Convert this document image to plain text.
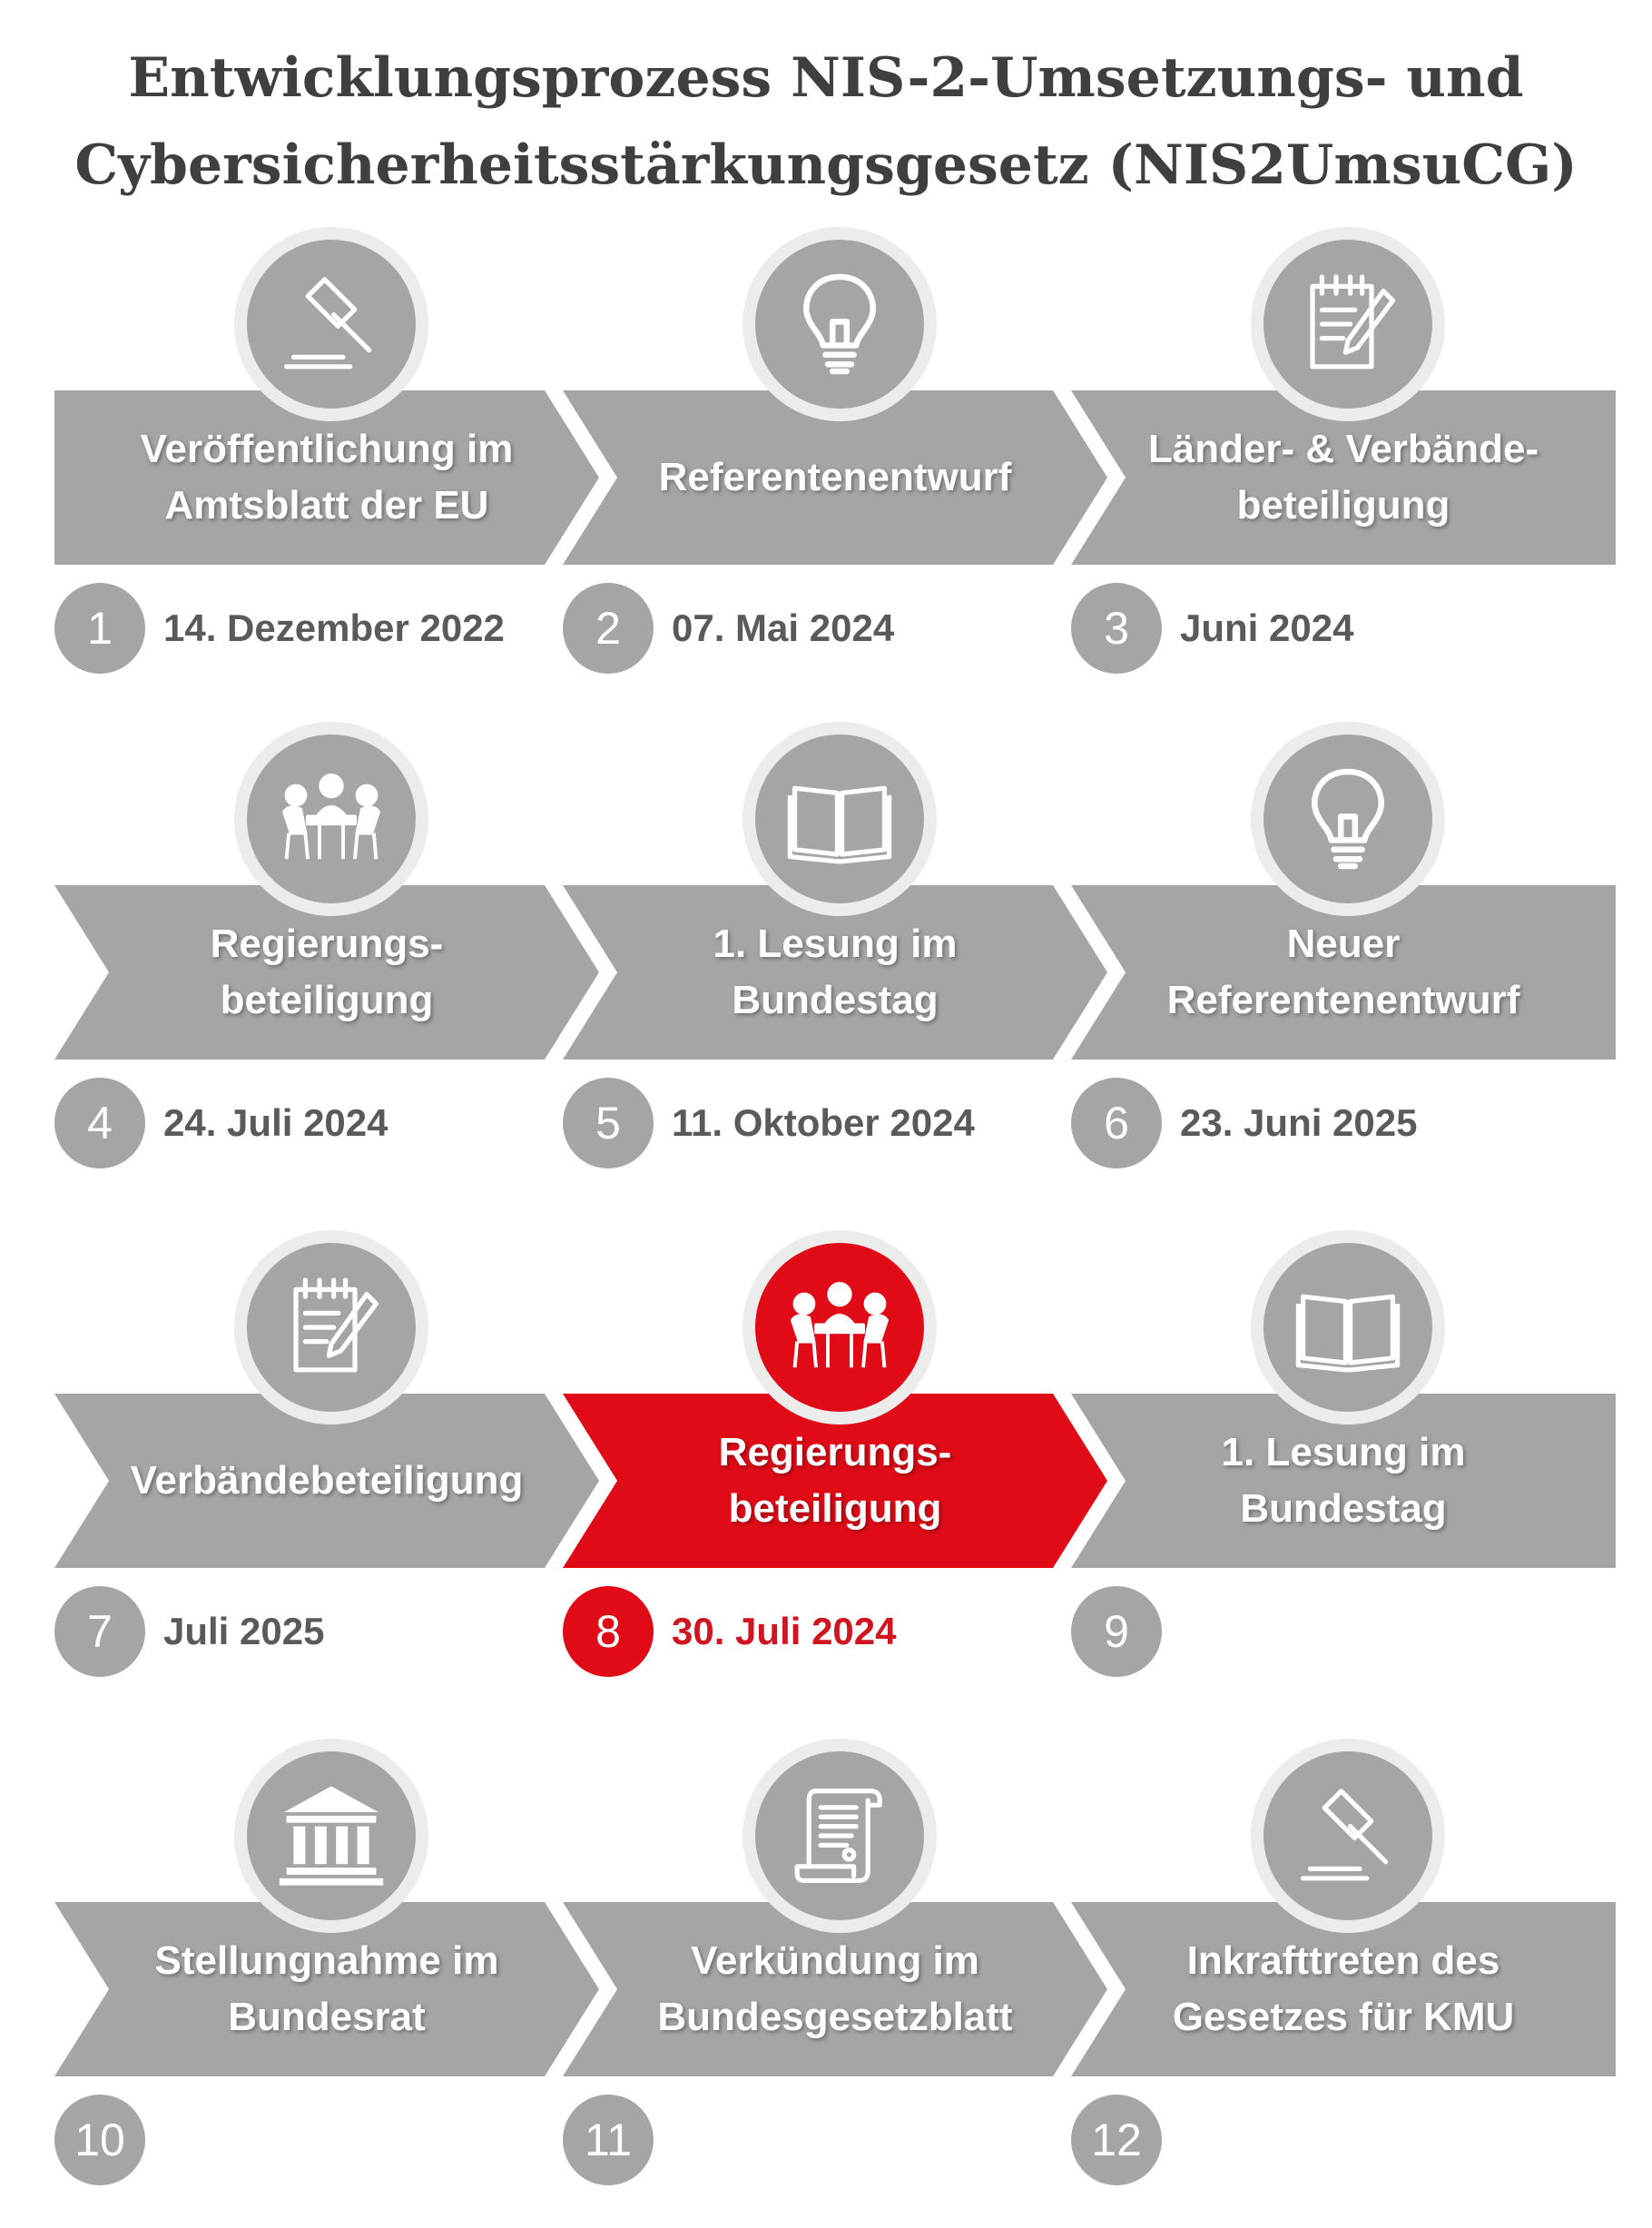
Entwicklungsprozess NIS-2-Umsetzungs- und
Cybersicherheitsstärkungsgesetz (NIS2UmsuCG)
Veröffentlichung im
Amtsblatt der EU
1	14. Dezember 2022
Referentenentwurf
2	07. Mai 2024
Länder- & Verbände-
beteiligung
3	Juni 2024
Regierungs-
beteiligung
4	24. Juli 2024
1. Lesung im
Bundestag
5	11. Oktober 2024
Neuer
Referentenentwurf
6	23. Juni 2025
Verbändebeteiligung
7	Juli 2025
Regierungs-
beteiligung
8	30. Juli 2024
1. Lesung im
Bundestag
9
Stellungnahme im
Bundesrat
10
Verkündung im
Bundesgesetzblatt
11
Inkrafttreten des
Gesetzes für KMU
12
